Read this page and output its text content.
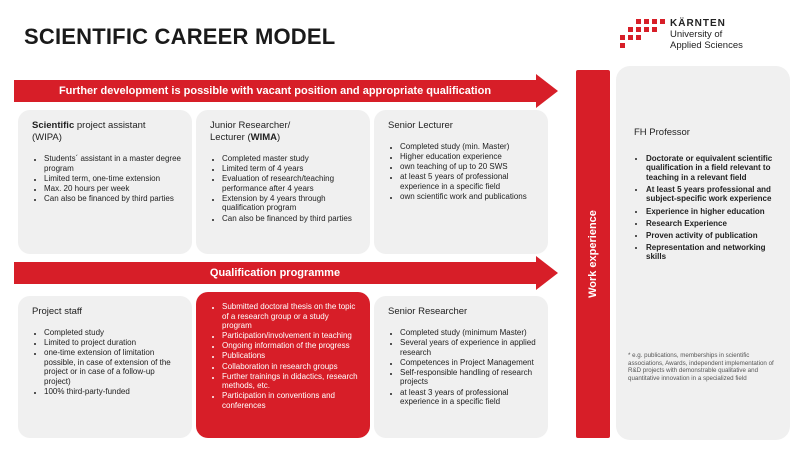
SCIENTIFIC CAREER MODEL
KÄRNTEN
University of
Applied Sciences
Further development is possible with vacant position and appropriate qualification
Qualification programme
Scientific project assistant
(WIPA)
• Students´ assistant in a master degree program
• Limited term, one-time extension
• Max. 20 hours per week
• Can also be financed by third parties
Junior Researcher/
Lecturer (WIMA)
• Completed master study
• Limited term of 4 years
• Evaluation of research/teaching performance after 4 years
• Extension by 4 years through qualification program
• Can also be financed by third parties
Senior Lecturer
• Completed study (min. Master)
• Higher education experience
• own teaching of up to 20 SWS
• at least 5 years of professional experience in a specific field
• own scientific work and publications
Project staff
• Completed study
• Limited to project duration
• one-time extension of limitation possible, in case of extension of the project or in case of a follow-up project)
• 100% third-party-funded
• Submitted doctoral thesis on the topic of a research group or a study program
• Participation/involvement in teaching
• Ongoing information of the progress
• Publications
• Collaboration in research groups
• Further trainings in didactics, research methods, etc.
• Participation in conventions and conferences
Senior Researcher
• Completed study (minimum Master)
• Several years of experience in applied research
• Competences in Project Management
• Self-responsible handling of research projects
• at least 3 years of professional experience in a specific field
Work experience
FH Professor
• Doctorate or equivalent scientific qualification in a field relevant to teaching in a relevant field
• At least 5 years professional and subject-specific work experience
• Experience in higher education
• Research Experience
• Proven activity of publication
• Representation and networking skills
* e.g. publications, memberships in scientific associations, Awards, independent implementation of R&D projects with demonstrable qualitative and quantitative innovation in a specialized field
